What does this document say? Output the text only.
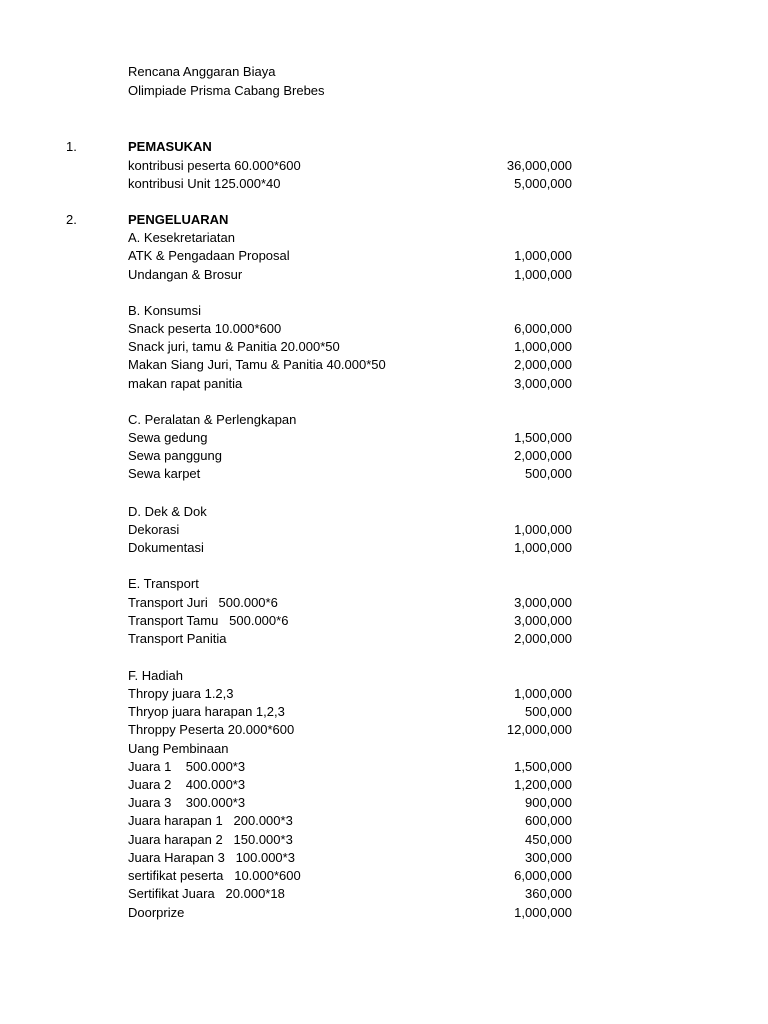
Rencana Anggaran Biaya
Olimpiade Prisma Cabang Brebes
1.	PEMASUKAN
kontribusi peserta 60.000*600	36,000,000
kontribusi Unit 125.000*40	5,000,000
2.	PENGELUARAN
A. Kesekretariatan
ATK & Pengadaan Proposal	1,000,000
Undangan & Brosur	1,000,000
B. Konsumsi
Snack peserta 10.000*600	6,000,000
Snack juri, tamu & Panitia 20.000*50	1,000,000
Makan Siang Juri, Tamu & Panitia 40.000*50	2,000,000
makan rapat panitia	3,000,000
C. Peralatan & Perlengkapan
Sewa gedung	1,500,000
Sewa panggung	2,000,000
Sewa karpet	500,000
D. Dek & Dok
Dekorasi	1,000,000
Dokumentasi	1,000,000
E. Transport
Transport Juri   500.000*6	3,000,000
Transport Tamu   500.000*6	3,000,000
Transport Panitia	2,000,000
F. Hadiah
Thropy juara 1.2,3	1,000,000
Thryop juara harapan 1,2,3	500,000
Throppy Peserta 20.000*600	12,000,000
Uang Pembinaan
Juara 1    500.000*3	1,500,000
Juara 2    400.000*3	1,200,000
Juara 3    300.000*3	900,000
Juara harapan 1   200.000*3	600,000
Juara harapan 2   150.000*3	450,000
Juara Harapan 3   100.000*3	300,000
sertifikat peserta   10.000*600	6,000,000
Sertifikat Juara   20.000*18	360,000
Doorprize	1,000,000
